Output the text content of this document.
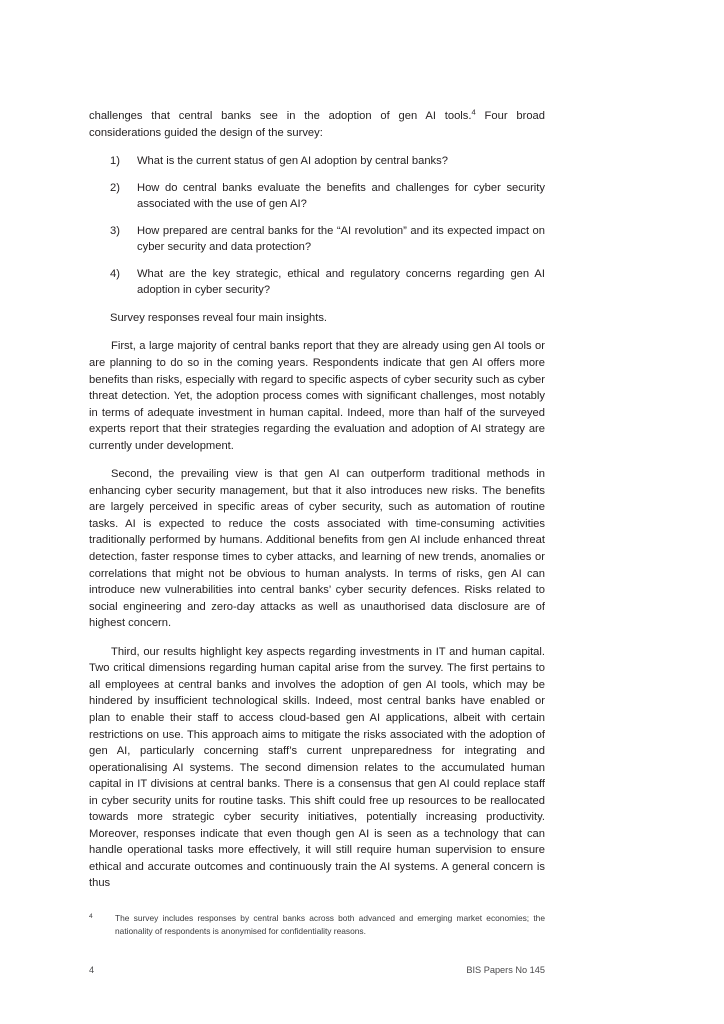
challenges that central banks see in the adoption of gen AI tools.$^4$ Four broad considerations guided the design of the survey:

1)	What is the current status of gen AI adoption by central banks?
2)	How do central banks evaluate the benefits and challenges for cyber security associated with the use of gen AI?
3)	How prepared are central banks for the “AI revolution” and its expected impact on cyber security and data protection?
4)	What are the key strategic, ethical and regulatory concerns regarding gen AI adoption in cyber security?

Survey responses reveal four main insights.

First, a large majority of central banks report that they are already using gen AI tools or are planning to do so in the coming years. Respondents indicate that gen AI offers more benefits than risks, especially with regard to specific aspects of cyber security such as cyber threat detection. Yet, the adoption process comes with significant challenges, most notably in terms of adequate investment in human capital. Indeed, more than half of the surveyed experts report that their strategies regarding the evaluation and adoption of AI strategy are currently under development.

Second, the prevailing view is that gen AI can outperform traditional methods in enhancing cyber security management, but that it also introduces new risks. The benefits are largely perceived in specific areas of cyber security, such as automation of routine tasks. AI is expected to reduce the costs associated with time-consuming activities traditionally performed by humans. Additional benefits from gen AI include enhanced threat detection, faster response times to cyber attacks, and learning of new trends, anomalies or correlations that might not be obvious to human analysts. In terms of risks, gen AI can introduce new vulnerabilities into central banks’ cyber security defences. Risks related to social engineering and zero-day attacks as well as unauthorised data disclosure are of highest concern.

Third, our results highlight key aspects regarding investments in IT and human capital. Two critical dimensions regarding human capital arise from the survey. The first pertains to all employees at central banks and involves the adoption of gen AI tools, which may be hindered by insufficient technological skills. Indeed, most central banks have enabled or plan to enable their staff to access cloud-based gen AI applications, albeit with certain restrictions on use. This approach aims to mitigate the risks associated with the adoption of gen AI, particularly concerning staff’s current unpreparedness for integrating and operationalising AI systems. The second dimension relates to the accumulated human capital in IT divisions at central banks. There is a consensus that gen AI could replace staff in cyber security units for routine tasks. This shift could free up resources to be reallocated towards more strategic cyber security initiatives, potentially increasing productivity. Moreover, responses indicate that even though gen AI is seen as a technology that can handle operational tasks more effectively, it will still require human supervision to ensure ethical and accurate outcomes and continuously train the AI systems. A general concern is thus

4	The survey includes responses by central banks across both advanced and emerging market economies; the nationality of respondents is anonymised for confidentiality reasons.
4	BIS Papers No 145
